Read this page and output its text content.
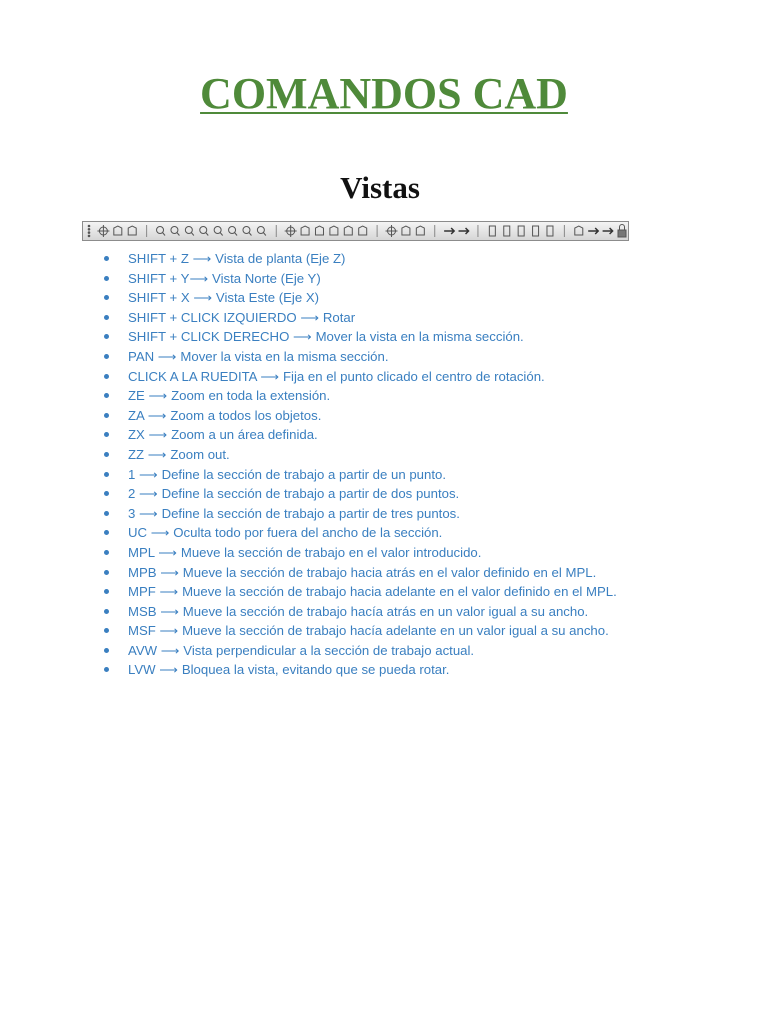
COMANDOS CAD
Vistas
SHIFT + Z ⟶ Vista de planta (Eje Z)
SHIFT + Y⟶ Vista Norte (Eje Y)
SHIFT + X ⟶ Vista Este (Eje X)
SHIFT + CLICK IZQUIERDO ⟶ Rotar
SHIFT + CLICK DERECHO ⟶ Mover la vista en la misma sección.
PAN ⟶ Mover la vista en la misma sección.
CLICK A LA RUEDITA ⟶ Fija en el punto clicado el centro de rotación.
ZE ⟶ Zoom en toda la extensión.
ZA ⟶ Zoom a todos los objetos.
ZX ⟶ Zoom a un área definida.
ZZ ⟶ Zoom out.
1 ⟶ Define la sección de trabajo a partir de un punto.
2 ⟶ Define la sección de trabajo a partir de dos puntos.
3 ⟶ Define la sección de trabajo a partir de tres puntos.
UC ⟶ Oculta todo por fuera del ancho de la sección.
MPL ⟶ Mueve la sección de trabajo en el valor introducido.
MPB ⟶ Mueve la sección de trabajo hacia atrás en el valor definido en el MPL.
MPF ⟶ Mueve la sección de trabajo hacia adelante en el valor definido en el MPL.
MSB ⟶ Mueve la sección de trabajo hacía atrás en un valor igual a su ancho.
MSF ⟶ Mueve la sección de trabajo hacía adelante en un valor igual a su ancho.
AVW ⟶ Vista perpendicular a la sección de trabajo actual.
LVW ⟶ Bloquea la vista, evitando que se pueda rotar.
